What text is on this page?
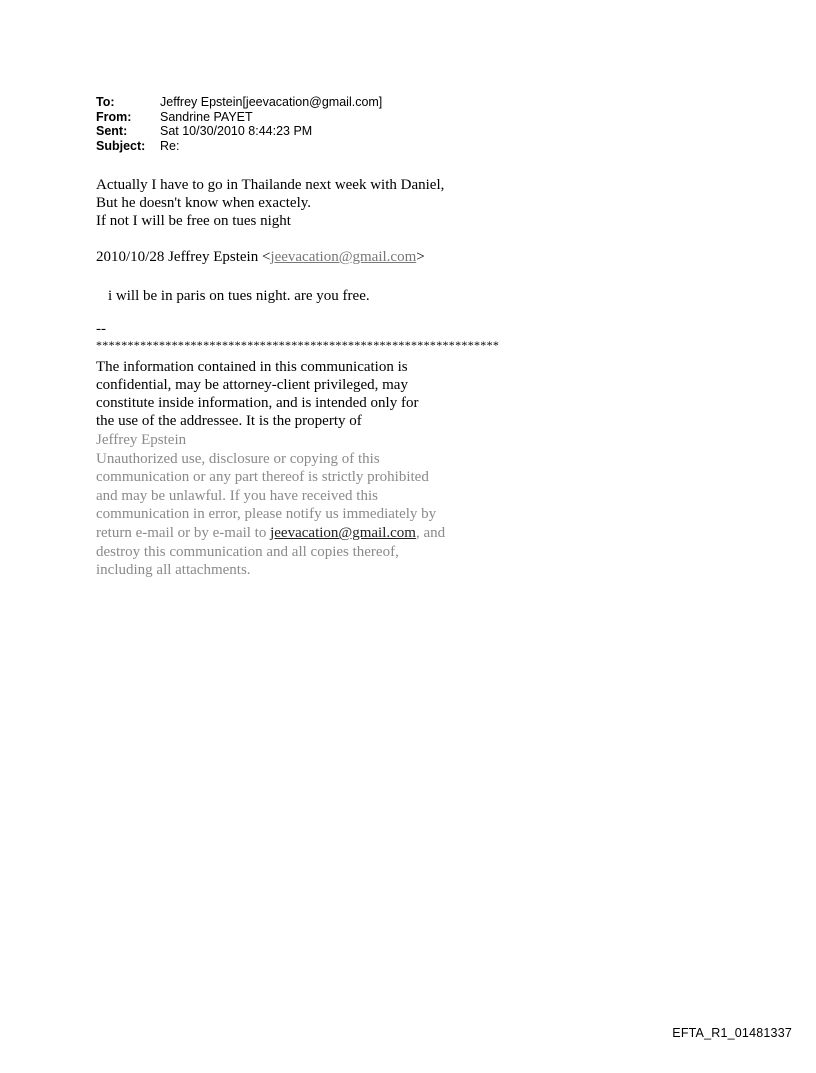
To:	Jeffrey Epstein[jeevacation@gmail.com]
From:	Sandrine PAYET
Sent:	Sat 10/30/2010 8:44:23 PM
Subject:	Re:
Actually I have to go in Thailande next week with Daniel,
But he doesn't know when exactely.
If not I will be free on tues night
2010/10/28 Jeffrey Epstein <jeevacation@gmail.com>
i will be in paris on tues night. are you free.
--
****************************************************************
The information contained in this communication is
confidential, may be attorney-client privileged, may
constitute inside information, and is intended only for
the use of the addressee. It is the property of
Jeffrey Epstein
Unauthorized use, disclosure or copying of this
communication or any part thereof is strictly prohibited
and may be unlawful. If you have received this
communication in error, please notify us immediately by
return e-mail or by e-mail to jeevacation@gmail.com, and
destroy this communication and all copies thereof,
including all attachments.
EFTA_R1_01481337
